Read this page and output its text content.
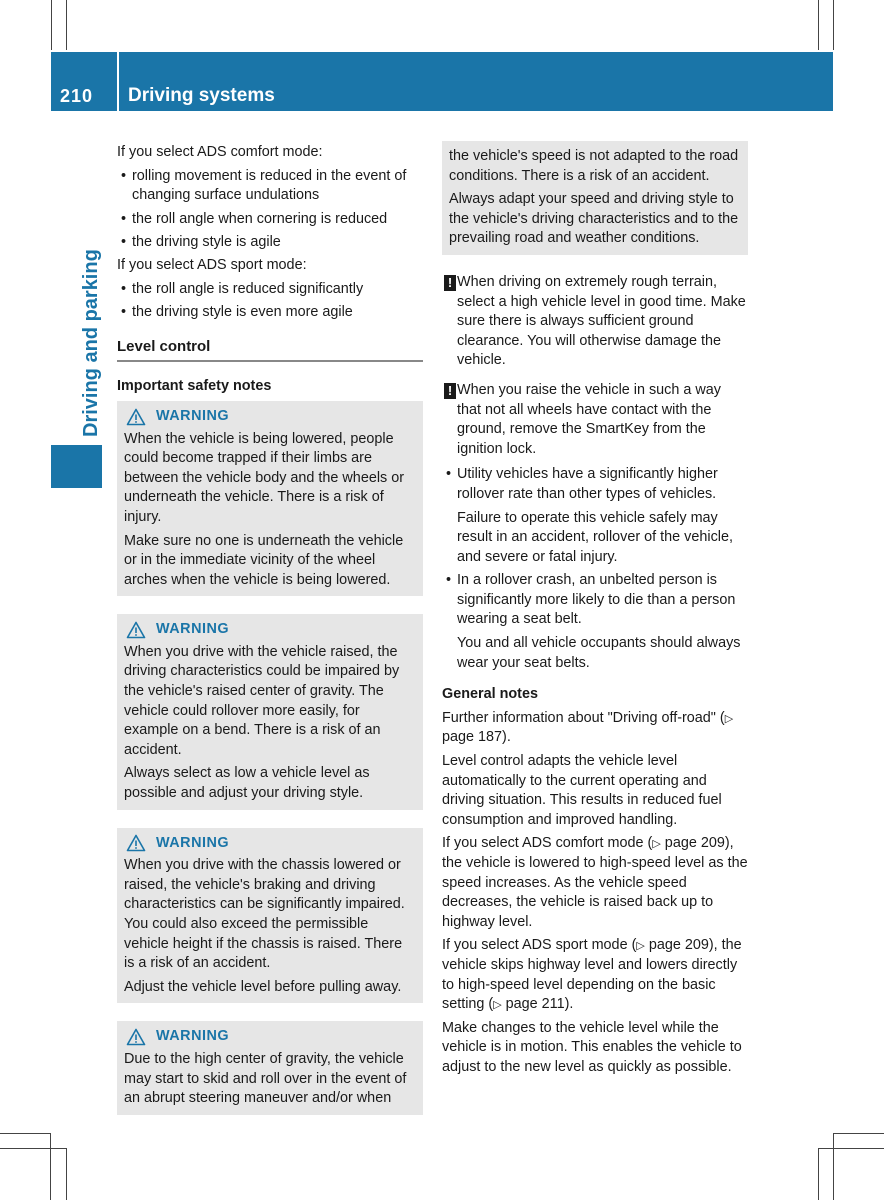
210	Driving systems
Driving and parking
If you select ADS comfort mode:
• rolling movement is reduced in the event of changing surface undulations
• the roll angle when cornering is reduced
• the driving style is agile
If you select ADS sport mode:
• the roll angle is reduced significantly
• the driving style is even more agile
Level control
Important safety notes
WARNING
When the vehicle is being lowered, people could become trapped if their limbs are between the vehicle body and the wheels or underneath the vehicle. There is a risk of injury.
Make sure no one is underneath the vehicle or in the immediate vicinity of the wheel arches when the vehicle is being lowered.
WARNING
When you drive with the vehicle raised, the driving characteristics could be impaired by the vehicle's raised center of gravity. The vehicle could rollover more easily, for example on a bend. There is a risk of an accident.
Always select as low a vehicle level as possible and adjust your driving style.
WARNING
When you drive with the chassis lowered or raised, the vehicle's braking and driving characteristics can be significantly impaired. You could also exceed the permissible vehicle height if the chassis is raised. There is a risk of an accident.
Adjust the vehicle level before pulling away.
WARNING
Due to the high center of gravity, the vehicle may start to skid and roll over in the event of an abrupt steering maneuver and/or when
the vehicle's speed is not adapted to the road conditions. There is a risk of an accident.
Always adapt your speed and driving style to the vehicle's driving characteristics and to the prevailing road and weather conditions.
! When driving on extremely rough terrain, select a high vehicle level in good time. Make sure there is always sufficient ground clearance. You will otherwise damage the vehicle.
! When you raise the vehicle in such a way that not all wheels have contact with the ground, remove the SmartKey from the ignition lock.
• Utility vehicles have a significantly higher rollover rate than other types of vehicles.
Failure to operate this vehicle safely may result in an accident, rollover of the vehicle, and severe or fatal injury.
• In a rollover crash, an unbelted person is significantly more likely to die than a person wearing a seat belt.
You and all vehicle occupants should always wear your seat belts.
General notes
Further information about "Driving off-road" (▷ page 187).
Level control adapts the vehicle level automatically to the current operating and driving situation. This results in reduced fuel consumption and improved handling.
If you select ADS comfort mode (▷ page 209), the vehicle is lowered to high-speed level as the speed increases. As the vehicle speed decreases, the vehicle is raised back up to highway level.
If you select ADS sport mode (▷ page 209), the vehicle skips highway level and lowers directly to high-speed level depending on the basic setting (▷ page 211).
Make changes to the vehicle level while the vehicle is in motion. This enables the vehicle to adjust to the new level as quickly as possible.
